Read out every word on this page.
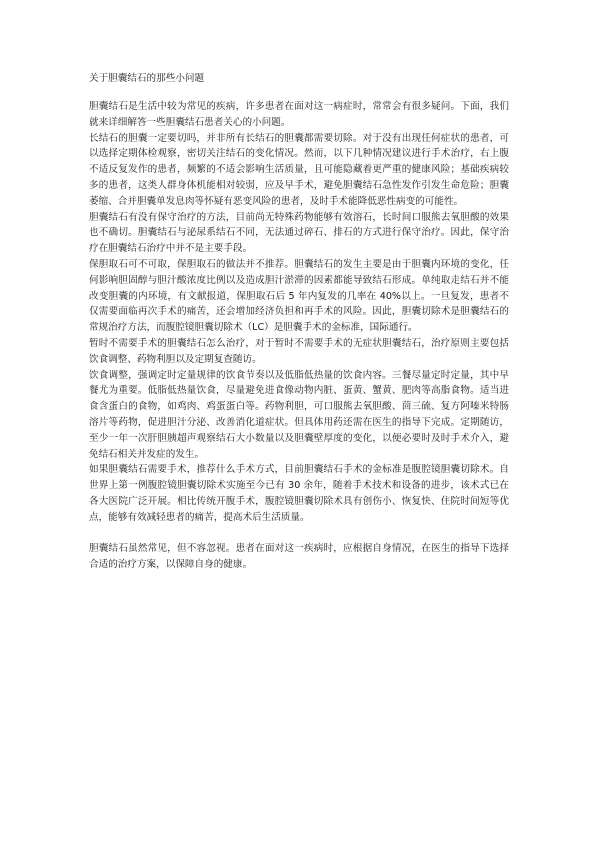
关于胆囊结石的那些小问题

胆囊结石是生活中较为常见的疾病，许多患者在面对这一病症时，常常会有很多疑问。下面，我们就来详细解答一些胆囊结石患者关心的小问题。

长结石的胆囊一定要切吗，并非所有长结石的胆囊都需要切除。对于没有出现任何症状的患者，可以选择定期体检观察，密切关注结石的变化情况。然而，以下几种情况建议进行手术治疗，右上腹不适反复发作的患者，频繁的不适会影响生活质量，且可能隐藏着更严重的健康风险；基础疾病较多的患者，这类人群身体机能相对较弱，应及早手术，避免胆囊结石急性发作引发生命危险；胆囊萎缩、合并胆囊单发息肉等怀疑有恶变风险的患者，及时手术能降低恶性病变的可能性。

胆囊结石有没有保守治疗的方法，目前尚无特殊药物能够有效溶石，长时间口服熊去氧胆酸的效果也不确切。胆囊结石与泌尿系结石不同，无法通过碎石、排石的方式进行保守治疗。因此，保守治疗在胆囊结石治疗中并不是主要手段。

保胆取石可不可取，保胆取石的做法并不推荐。胆囊结石的发生主要是由于胆囊内环境的变化，任何影响胆固醇与胆汁酸浓度比例以及造成胆汁淤滞的因素都能导致结石形成。单纯取走结石并不能改变胆囊的内环境，有文献报道，保胆取石后 5 年内复发的几率在 40%以上。一旦复发，患者不仅需要面临再次手术的痛苦，还会增加经济负担和再手术的风险。因此，胆囊切除术是胆囊结石的常规治疗方法，而腹腔镜胆囊切除术（LC）是胆囊手术的金标准，国际通行。

暂时不需要手术的胆囊结石怎么治疗，对于暂时不需要手术的无症状胆囊结石，治疗原则主要包括饮食调整、药物利胆以及定期复查随访。

饮食调整，强调定时定量规律的饮食节奏以及低脂低热量的饮食内容。三餐尽量定时定量，其中早餐尤为重要。低脂低热量饮食，尽量避免进食像动物内脏、蛋黄、蟹黄、肥肉等高脂食物。适当进食含蛋白的食物，如鸡肉、鸡蛋蛋白等。药物利胆，可口服熊去氧胆酸、茴三硫、复方阿嗪米特肠溶片等药物，促进胆汁分泌、改善消化道症状。但具体用药还需在医生的指导下完成。定期随访，至少一年一次肝胆胰超声观察结石大小数量以及胆囊壁厚度的变化，以便必要时及时手术介入，避免结石相关并发症的发生。

如果胆囊结石需要手术，推荐什么手术方式，目前胆囊结石手术的金标准是腹腔镜胆囊切除术。自世界上第一例腹腔镜胆囊切除术实施至今已有 30 余年，随着手术技术和设备的进步，该术式已在各大医院广泛开展。相比传统开腹手术，腹腔镜胆囊切除术具有创伤小、恢复快、住院时间短等优点，能够有效减轻患者的痛苦，提高术后生活质量。

胆囊结石虽然常见，但不容忽视。患者在面对这一疾病时，应根据自身情况，在医生的指导下选择合适的治疗方案，以保障自身的健康。
